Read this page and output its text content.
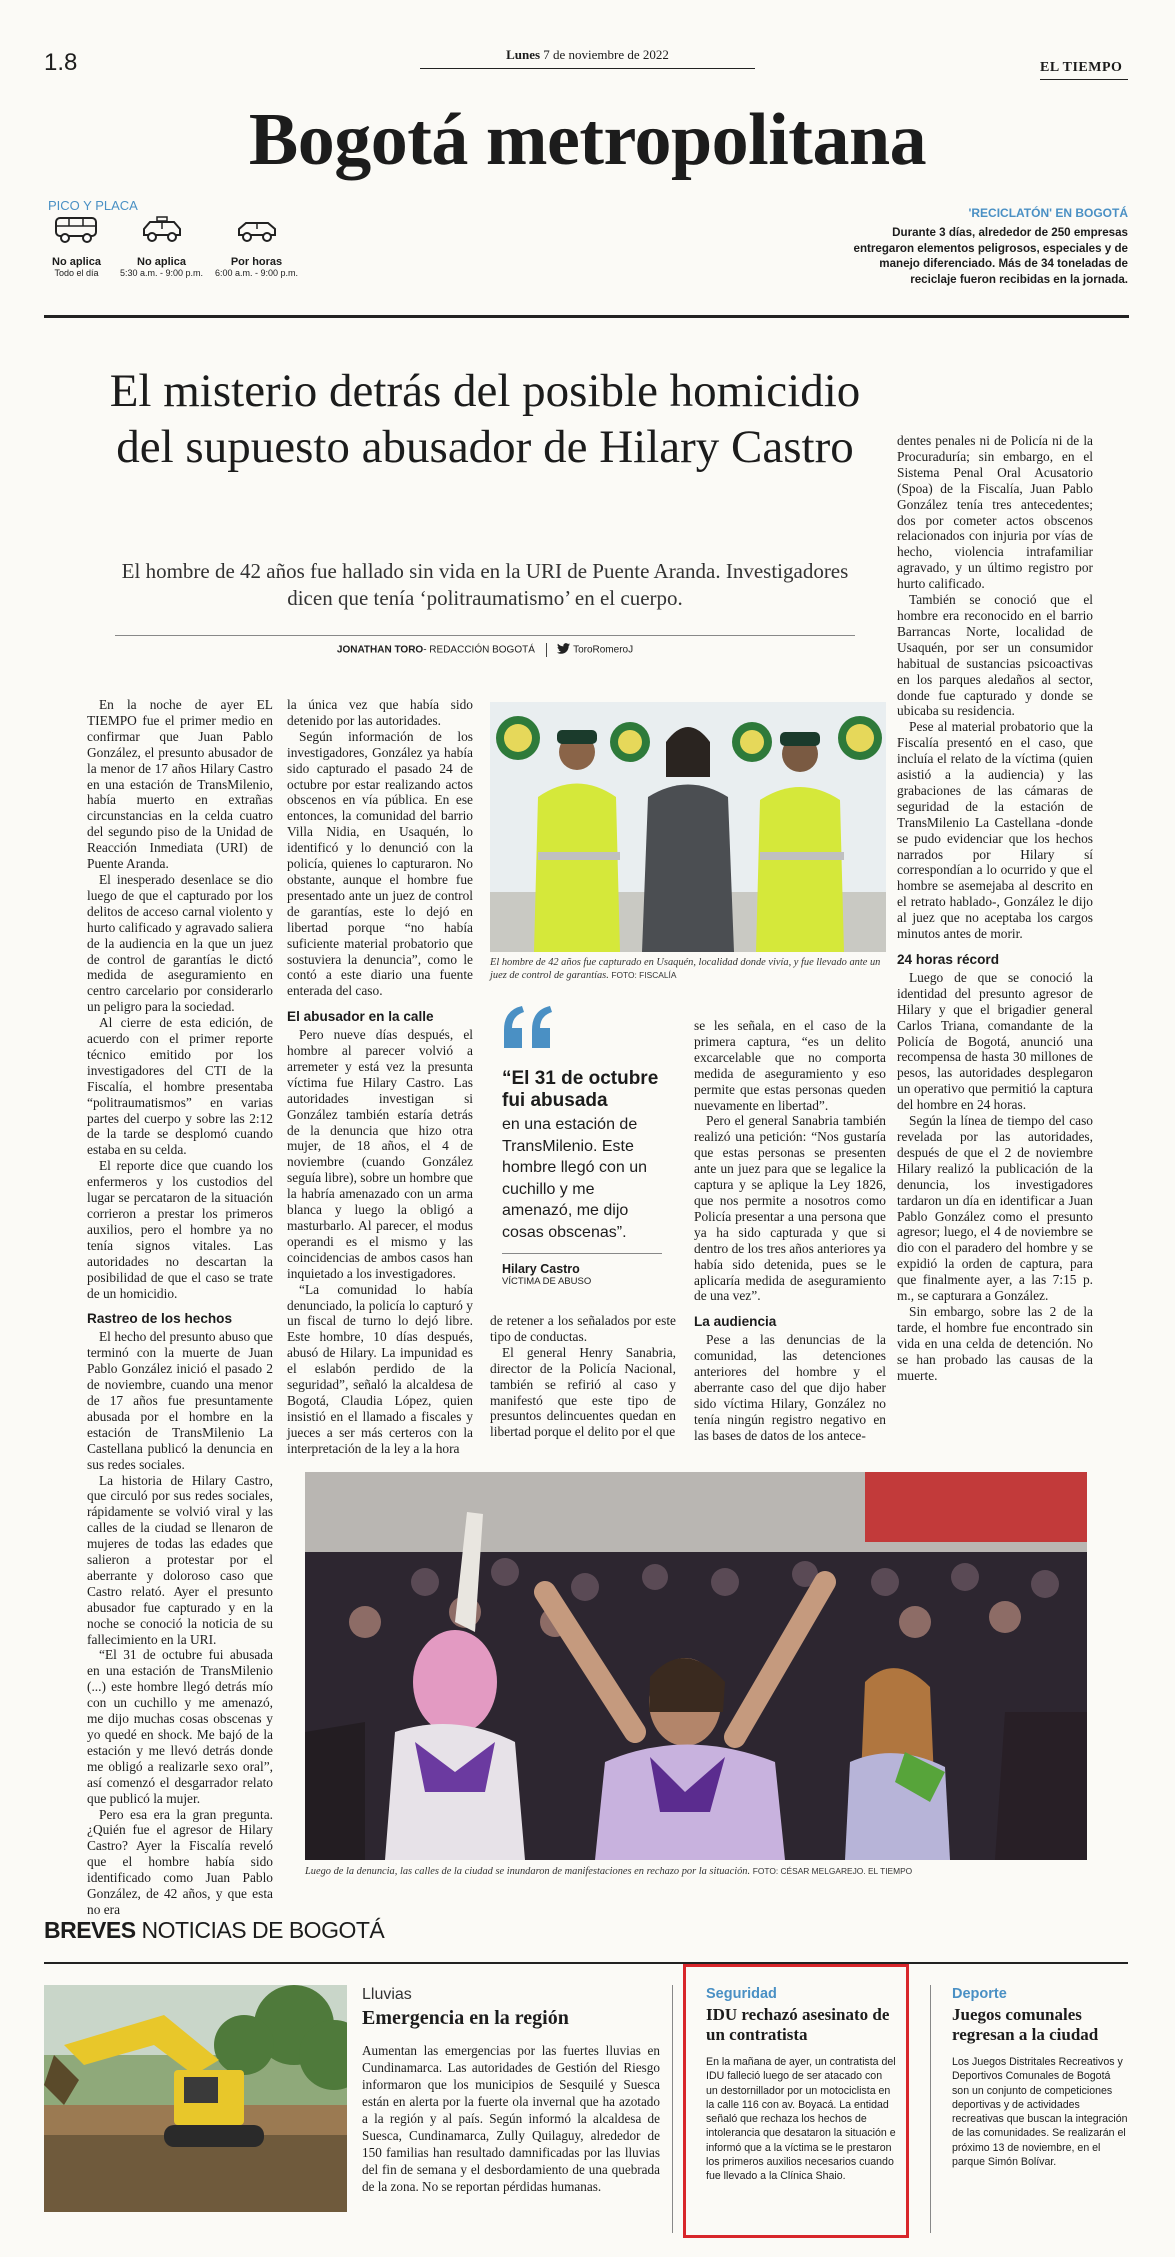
1.8	Lunes 7 de noviembre de 2022
EL TIEMPO
Bogotá metropolitana
PICO Y PLACA
No aplica
Todo el día
No aplica
5:30 a.m. - 9:00 p.m.
Por horas
6:00 a.m. - 9:00 p.m.
'RECICLATÓN' EN BOGOTÁ
Durante 3 días, alrededor de 250 empresas entregaron elementos peligrosos, especiales y de manejo diferenciado. Más de 34 toneladas de reciclaje fueron recibidas en la jornada.
El misterio detrás del posible homicidio del supuesto abusador de Hilary Castro
El hombre de 42 años fue hallado sin vida en la URI de Puente Aranda. Investigadores dicen que tenía ‘politraumatismo’ en el cuerpo.
JONATHAN TORO- REDACCIÓN BOGOTÁ	ToroRomeroJ

En la noche de ayer EL TIEMPO fue el primer medio en confirmar que Juan Pablo González, el presunto abusador de la menor de 17 años Hilary Castro en una estación de TransMilenio, había muerto en extrañas circunstancias en la celda cuatro del segundo piso de la Unidad de Reacción Inmediata (URI) de Puente Aranda.

El inesperado desenlace se dio luego de que el capturado por los delitos de acceso carnal violento y hurto calificado y agravado saliera de la audiencia en la que un juez de control de garantías le dictó medida de aseguramiento en centro carcelario por considerarlo un peligro para la sociedad.

Al cierre de esta edición, de acuerdo con el primer reporte técnico emitido por los investigadores del CTI de la Fiscalía, el hombre presentaba “politraumatismos” en varias partes del cuerpo y sobre las 2:12 de la tarde se desplomó cuando estaba en su celda.

El reporte dice que cuando los enfermeros y los custodios del lugar se percataron de la situación corrieron a prestar los primeros auxilios, pero el hombre ya no tenía signos vitales. Las autoridades no descartan la posibilidad de que el caso se trate de un homicidio.

Rastreo de los hechos

El hecho del presunto abuso que terminó con la muerte de Juan Pablo González inició el pasado 2 de noviembre, cuando una menor de 17 años fue presuntamente abusada por el hombre en la estación de TransMilenio La Castellana publicó la denuncia en sus redes sociales.

La historia de Hilary Castro, que circuló por sus redes sociales, rápidamente se volvió viral y las calles de la ciudad se llenaron de mujeres de todas las edades que salieron a protestar por el aberrante y doloroso caso que Castro relató. Ayer el presunto abusador fue capturado y en la noche se conoció la noticia de su fallecimiento en la URI.

“El 31 de octubre fui abusada en una estación de TransMilenio (...) este hombre llegó detrás mío con un cuchillo y me amenazó, me dijo muchas cosas obscenas y yo quedé en shock. Me bajó de la estación y me llevó detrás donde me obligó a realizarle sexo oral”, así comenzó el desgarrador relato que publicó la mujer.

Pero esa era la gran pregunta. ¿Quién fue el agresor de Hilary Castro? Ayer la Fiscalía reveló que el hombre había sido identificado como Juan Pablo González, de 42 años, y que esta no era

la única vez que había sido detenido por las autoridades.

Según información de los investigadores, González ya había sido capturado el pasado 24 de octubre por estar realizando actos obscenos en vía pública. En ese entonces, la comunidad del barrio Villa Nidia, en Usaquén, lo identificó y lo denunció con la policía, quienes lo capturaron. No obstante, aunque el hombre fue presentado ante un juez de control de garantías, este lo dejó en libertad porque “no había suficiente material probatorio que sostuviera la denuncia”, como le contó a este diario una fuente enterada del caso.

El abusador en la calle

Pero nueve días después, el hombre al parecer volvió a arremeter y está vez la presunta víctima fue Hilary Castro. Las autoridades investigan si González también estaría detrás de la denuncia que hizo otra mujer, de 18 años, el 4 de noviembre (cuando González seguía libre), sobre un hombre que la habría amenazado con un arma blanca y luego la obligó a masturbarlo. Al parecer, el modus operandi es el mismo y las coincidencias de ambos casos han inquietado a los investigadores.

“La comunidad lo había denunciado, la policía lo capturó y un fiscal de turno lo dejó libre. Este hombre, 10 días después, abusó de Hilary. La impunidad es el eslabón perdido de la seguridad”, señaló la alcaldesa de Bogotá, Claudia López, quien insistió en el llamado a fiscales y jueces a ser más certeros con la interpretación de la ley a la hora

El hombre de 42 años fue capturado en Usaquén, localidad donde vivía, y fue llevado ante un juez de control de garantías. FOTO: FISCALÍA
“El 31 de octubre fui abusada
en una estación de TransMilenio. Este hombre llegó con un cuchillo y me amenazó, me dijo cosas obscenas”.
Hilary Castro
VÍCTIMA DE ABUSO

de retener a los señalados por este tipo de conductas.

El general Henry Sanabria, director de la Policía Nacional, también se refirió al caso y manifestó que este tipo de presuntos delincuentes quedan en libertad porque el delito por el que

se les señala, en el caso de la primera captura, “es un delito excarcelable que no comporta medida de aseguramiento y eso permite que estas personas queden nuevamente en libertad”.

Pero el general Sanabria también realizó una petición: “Nos gustaría que estas personas se presenten ante un juez para que se legalice la captura y se aplique la Ley 1826, que nos permite a nosotros como Policía presentar a una persona que ya ha sido capturada y que si dentro de los tres años anteriores ya había sido detenida, pues se le aplicaría medida de aseguramiento de una vez”.

La audiencia

Pese a las denuncias de la comunidad, las detenciones anteriores del hombre y el aberrante caso del que dijo haber sido víctima Hilary, González no tenía ningún registro negativo en las bases de datos de los antece-

dentes penales ni de Policía ni de la Procuraduría; sin embargo, en el Sistema Penal Oral Acusatorio (Spoa) de la Fiscalía, Juan Pablo González tenía tres antecedentes; dos por cometer actos obscenos relacionados con injuria por vías de hecho, violencia intrafamiliar agravado, y un último registro por hurto calificado.

También se conoció que el hombre era reconocido en el barrio Barrancas Norte, localidad de Usaquén, por ser un consumidor habitual de sustancias psicoactivas en los parques aledaños al sector, donde fue capturado y donde se ubicaba su residencia.

Pese al material probatorio que la Fiscalía presentó en el caso, que incluía el relato de la víctima (quien asistió a la audiencia) y las grabaciones de las cámaras de seguridad de la estación de TransMilenio La Castellana -donde se pudo evidenciar que los hechos narrados por Hilary sí correspondían a lo ocurrido y que el hombre se asemejaba al descrito en el retrato hablado-, González le dijo al juez que no aceptaba los cargos minutos antes de morir.

24 horas récord

Luego de que se conoció la identidad del presunto agresor de Hilary y que el brigadier general Carlos Triana, comandante de la Policía de Bogotá, anunció una recompensa de hasta 30 millones de pesos, las autoridades desplegaron un operativo que permitió la captura del hombre en 24 horas.

Según la línea de tiempo del caso revelada por las autoridades, después de que el 2 de noviembre Hilary realizó la publicación de la denuncia, los investigadores tardaron un día en identificar a Juan Pablo González como el presunto agresor; luego, el 4 de noviembre se dio con el paradero del hombre y se expidió la orden de captura, para que finalmente ayer, a las 7:15 p. m., se capturara a González.

Sin embargo, sobre las 2 de la tarde, el hombre fue encontrado sin vida en una celda de detención. No se han probado las causas de la muerte.

Luego de la denuncia, las calles de la ciudad se inundaron de manifestaciones en rechazo por la situación. FOTO: CÉSAR MELGAREJO. EL TIEMPO
BREVES NOTICIAS DE BOGOTÁ
Lluvias
Emergencia en la región
Aumentan las emergencias por las fuertes lluvias en Cundinamarca. Las autoridades de Gestión del Riesgo informaron que los municipios de Sesquilé y Suesca están en alerta por la fuerte ola invernal que ha azotado a la región y al país. Según informó la alcaldesa de Suesca, Cundinamarca, Zully Quilaguy, alrededor de 150 familias han resultado damnificadas por las lluvias del fin de semana y el desbordamiento de una quebrada de la zona. No se reportan pérdidas humanas.
Seguridad
IDU rechazó asesinato de un contratista
En la mañana de ayer, un contratista del IDU falleció luego de ser atacado con un destornillador por un motociclista en la calle 116 con av. Boyacá. La entidad señaló que rechaza los hechos de intolerancia que desataron la situación e informó que a la víctima se le prestaron los primeros auxilios necesarios cuando fue llevado a la Clínica Shaio.
Deporte
Juegos comunales regresan a la ciudad
Los Juegos Distritales Recreativos y Deportivos Comunales de Bogotá son un conjunto de competiciones deportivas y de actividades recreativas que buscan la integración de las comunidades. Se realizarán el próximo 13 de noviembre, en el parque Simón Bolívar.
